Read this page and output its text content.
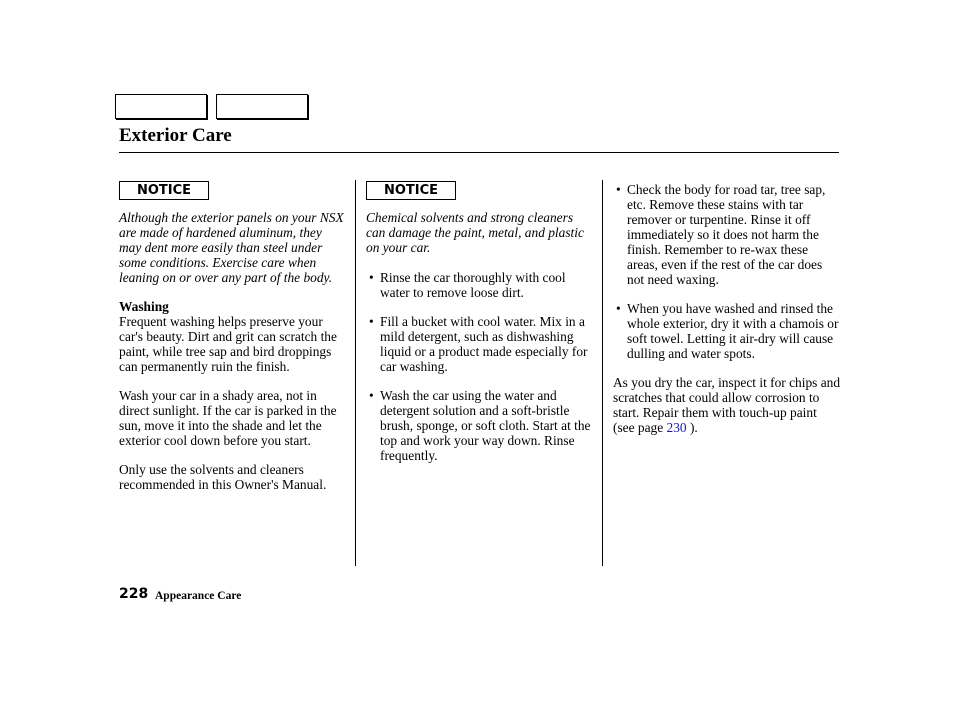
Exterior Care
NOTICE

Although the exterior panels on your NSX are made of hardened aluminum, they may dent more easily than steel under some conditions. Exercise care when leaning on or over any part of the body.

Washing

Frequent washing helps preserve your car's beauty. Dirt and grit can scratch the paint, while tree sap and bird droppings can permanently ruin the finish.

Wash your car in a shady area, not in direct sunlight. If the car is parked in the sun, move it into the shade and let the exterior cool down before you start.

Only use the solvents and cleaners recommended in this Owner's Manual.

NOTICE

Chemical solvents and strong cleaners can damage the paint, metal, and plastic on your car.

• Rinse the car thoroughly with cool water to remove loose dirt.
• Fill a bucket with cool water. Mix in a mild detergent, such as dishwashing liquid or a product made especially for car washing.
• Wash the car using the water and detergent solution and a soft-bristle brush, sponge, or soft cloth. Start at the top and work your way down. Rinse frequently.
• Check the body for road tar, tree sap, etc. Remove these stains with tar remover or turpentine. Rinse it off immediately so it does not harm the finish. Remember to re-wax these areas, even if the rest of the car does not need waxing.
• When you have washed and rinsed the whole exterior, dry it with a chamois or soft towel. Letting it air-dry will cause dulling and water spots.

As you dry the car, inspect it for chips and scratches that could allow corrosion to start. Repair them with touch-up paint (see page 230 ).

228 Appearance Care
